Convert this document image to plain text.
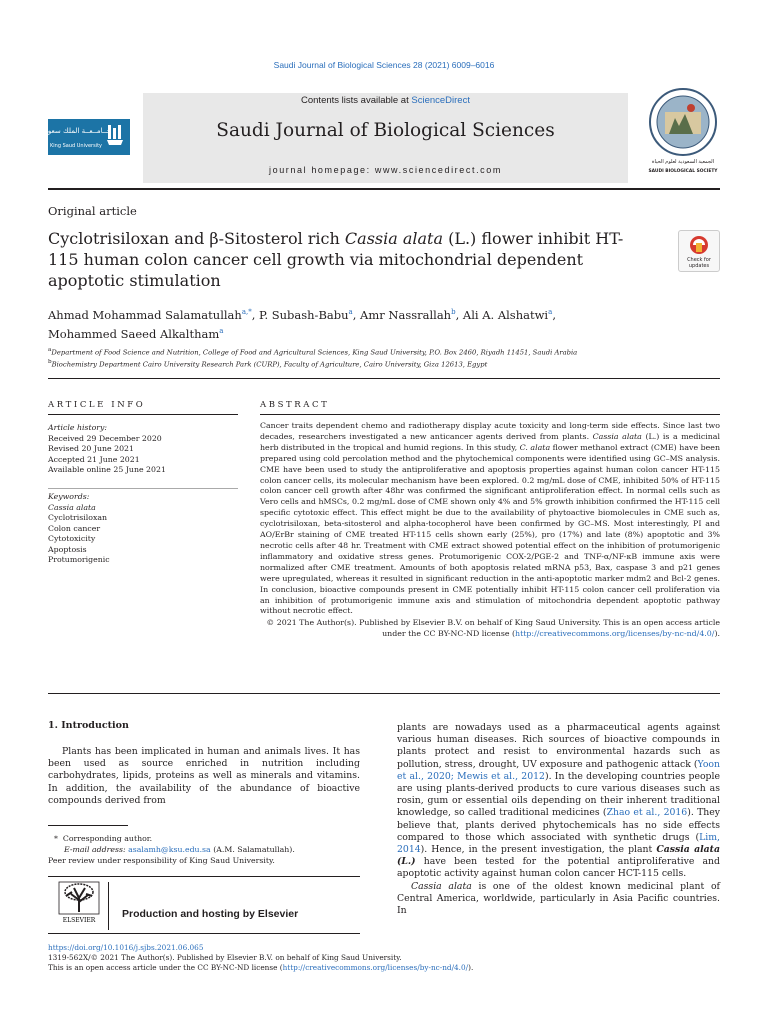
Saudi Journal of Biological Sciences 28 (2021) 6009–6016
Contents lists available at ScienceDirect
Saudi Journal of Biological Sciences
journal homepage: www.sciencedirect.com
جــامــعــة الملك سعود
King Saud University
الجمعية السعودية لعلوم الحياة
SAUDI BIOLOGICAL SOCIETY
Original article
Cyclotrisiloxan and β-Sitosterol rich Cassia alata (L.) flower inhibit HT-115 human colon cancer cell growth via mitochondrial dependent apoptotic stimulation
Check for
updates
Ahmad Mohammad Salamatullah$^{a,*}$, P. Subash-Babu$^a$, Amr Nassrallah$^b$, Ali A. Alshatwi$^a$,
Mohammed Saeed Alkaltham$^a$
$^a$Department of Food Science and Nutrition, College of Food and Agricultural Sciences, King Saud University, P.O. Box 2460, Riyadh 11451, Saudi Arabia
$^b$Biochemistry Department Cairo University Research Park (CURP), Faculty of Agriculture, Cairo University, Giza 12613, Egypt
ARTICLE INFO	ABSTRACT
Article history:
Received 29 December 2020
Revised 20 June 2021
Accepted 21 June 2021
Available online 25 June 2021
Keywords:
Cassia alata
Cyclotrisiloxan
Colon cancer
Cytotoxicity
Apoptosis
Protumorigenic
Cancer traits dependent chemo and radiotherapy display acute toxicity and long-term side effects. Since last two decades, researchers investigated a new anticancer agents derived from plants. Cassia alata (L.) is a medicinal herb distributed in the tropical and humid regions. In this study, C. alata flower methanol extract (CME) have been prepared using cold percolation method and the phytochemical components were identified using GC–MS analysis. CME have been used to study the antiproliferative and apoptosis properties against human colon cancer HT-115 colon cancer cells, its molecular mechanism have been explored. 0.2 mg/mL dose of CME, inhibited 50% of HT-115 colon cancer cell growth after 48hr was confirmed the significant antiproliferation effect. In normal cells such as Vero cells and hMSCs, 0.2 mg/mL dose of CME shown only 4% and 5% growth inhibition confirmed the HT-115 cell specific cytotoxic effect. This effect might be due to the availability of phytoactive biomolecules in CME such as, cyclotrisiloxan, beta-sitosterol and alpha-tocopherol have been confirmed by GC–MS. Most interestingly, PI and AO/ErBr staining of CME treated HT-115 cells shown early (25%), pro (17%) and late (8%) apoptotic and 3% necrotic cells after 48 hr. Treatment with CME extract showed potential effect on the inhibition of protumorigenic inflammatory and oxidative stress genes. Protumorigenic COX-2/PGE-2 and TNF-α/NF-κB immune axis were normalized after CME treatment. Amounts of both apoptosis related mRNA p53, Bax, caspase 3 and p21 genes were upregulated, whereas it resulted in significant reduction in the anti-apoptotic marker mdm2 and Bcl-2 genes. In conclusion, bioactive compounds present in CME potentially inhibit HT-115 colon cancer cell proliferation via an inhibition of protumorigenic immune axis and stimulation of mitochondria dependent apoptotic pathway without necrotic effect.
© 2021 The Author(s). Published by Elsevier B.V. on behalf of King Saud University. This is an open access article under the CC BY-NC-ND license (http://creativecommons.org/licenses/by-nc-nd/4.0/).
1. Introduction
Plants has been implicated in human and animals lives. It has been used as source enriched in nutrition including carbohydrates, lipids, proteins as well as minerals and vitamins. In addition, the availability of the abundance of bioactive compounds derived from
*  Corresponding author.
E-mail address: asalamh@ksu.edu.sa (A.M. Salamatullah).
Peer review under responsibility of King Saud University.
ELSEVIER
Production and hosting by Elsevier
plants are nowadays used as a pharmaceutical agents against various human diseases. Rich sources of bioactive compounds in plants protect and resist to environmental hazards such as pollution, stress, drought, UV exposure and pathogenic attack (Yoon et al., 2020; Mewis et al., 2012). In the developing countries people are using plants-derived products to cure various diseases such as rosin, gum or essential oils depending on their inherent traditional knowledge, so called traditional medicines (Zhao et al., 2016). They believe that, plants derived phytochemicals has no side effects compared to those which associated with synthetic drugs (Lim, 2014). Hence, in the present investigation, the plant Cassia alata (L.) have been tested for the potential antiproliferative and apoptotic activity against human colon cancer HCT-115 cells.
Cassia alata is one of the oldest known medicinal plant of Central America, worldwide, particularly in Asia Pacific countries. In
https://doi.org/10.1016/j.sjbs.2021.06.065
1319-562X/© 2021 The Author(s). Published by Elsevier B.V. on behalf of King Saud University.
This is an open access article under the CC BY-NC-ND license (http://creativecommons.org/licenses/by-nc-nd/4.0/).
